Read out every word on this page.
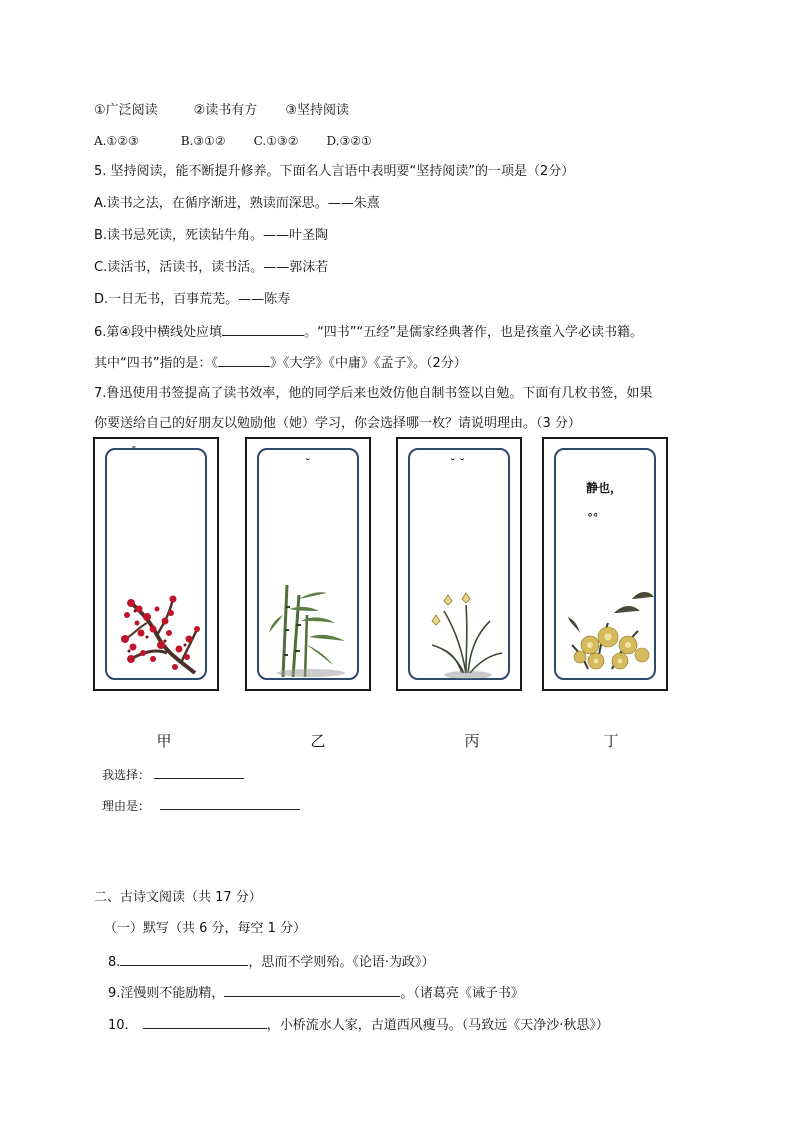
①广泛阅读	②读书有方 ③坚持阅读
A.①②③	B.③①② C.①③② D.③②①
5. 坚持阅读，能不断提升修养。下面名人言语中表明要“坚持阅读”的一项是（2分）
A.读书之法，在循序渐进，熟读而深思。——朱熹
B.读书忌死读，死读钻牛角。——叶圣陶
C.读活书，活读书，读书活。——郭沫若
D.一日无书，百事荒芜。——陈寿
6.第④段中横线处应填	。“四书”“五经”是儒家经典著作，也是孩童入学必读书籍。
其中“四书”指的是：《	》《大学》《中庸》《孟子》。（2分）
7.鲁迅使用书签提高了读书效率，他的同学后来也效仿他自制书签以自勉。下面有几枚书签，如果
你要送给自己的好朋友以勉励他（她）学习，你会选择哪一枚？请说明理由。（3 分）
ˉ
˘	˘ ˘
静也，
。。
甲	乙	丙	丁
我选择：
理由是：
二、古诗文阅读（共 17 分）
（一）默写（共 6 分，每空 1 分）
8.	，思而不学则殆。《论语·为政》）
9.淫慢则不能励精，	。（诸葛亮《诫子书》
10.	，小桥流水人家，古道西风瘦马。（马致远《天净沙·秋思》）
